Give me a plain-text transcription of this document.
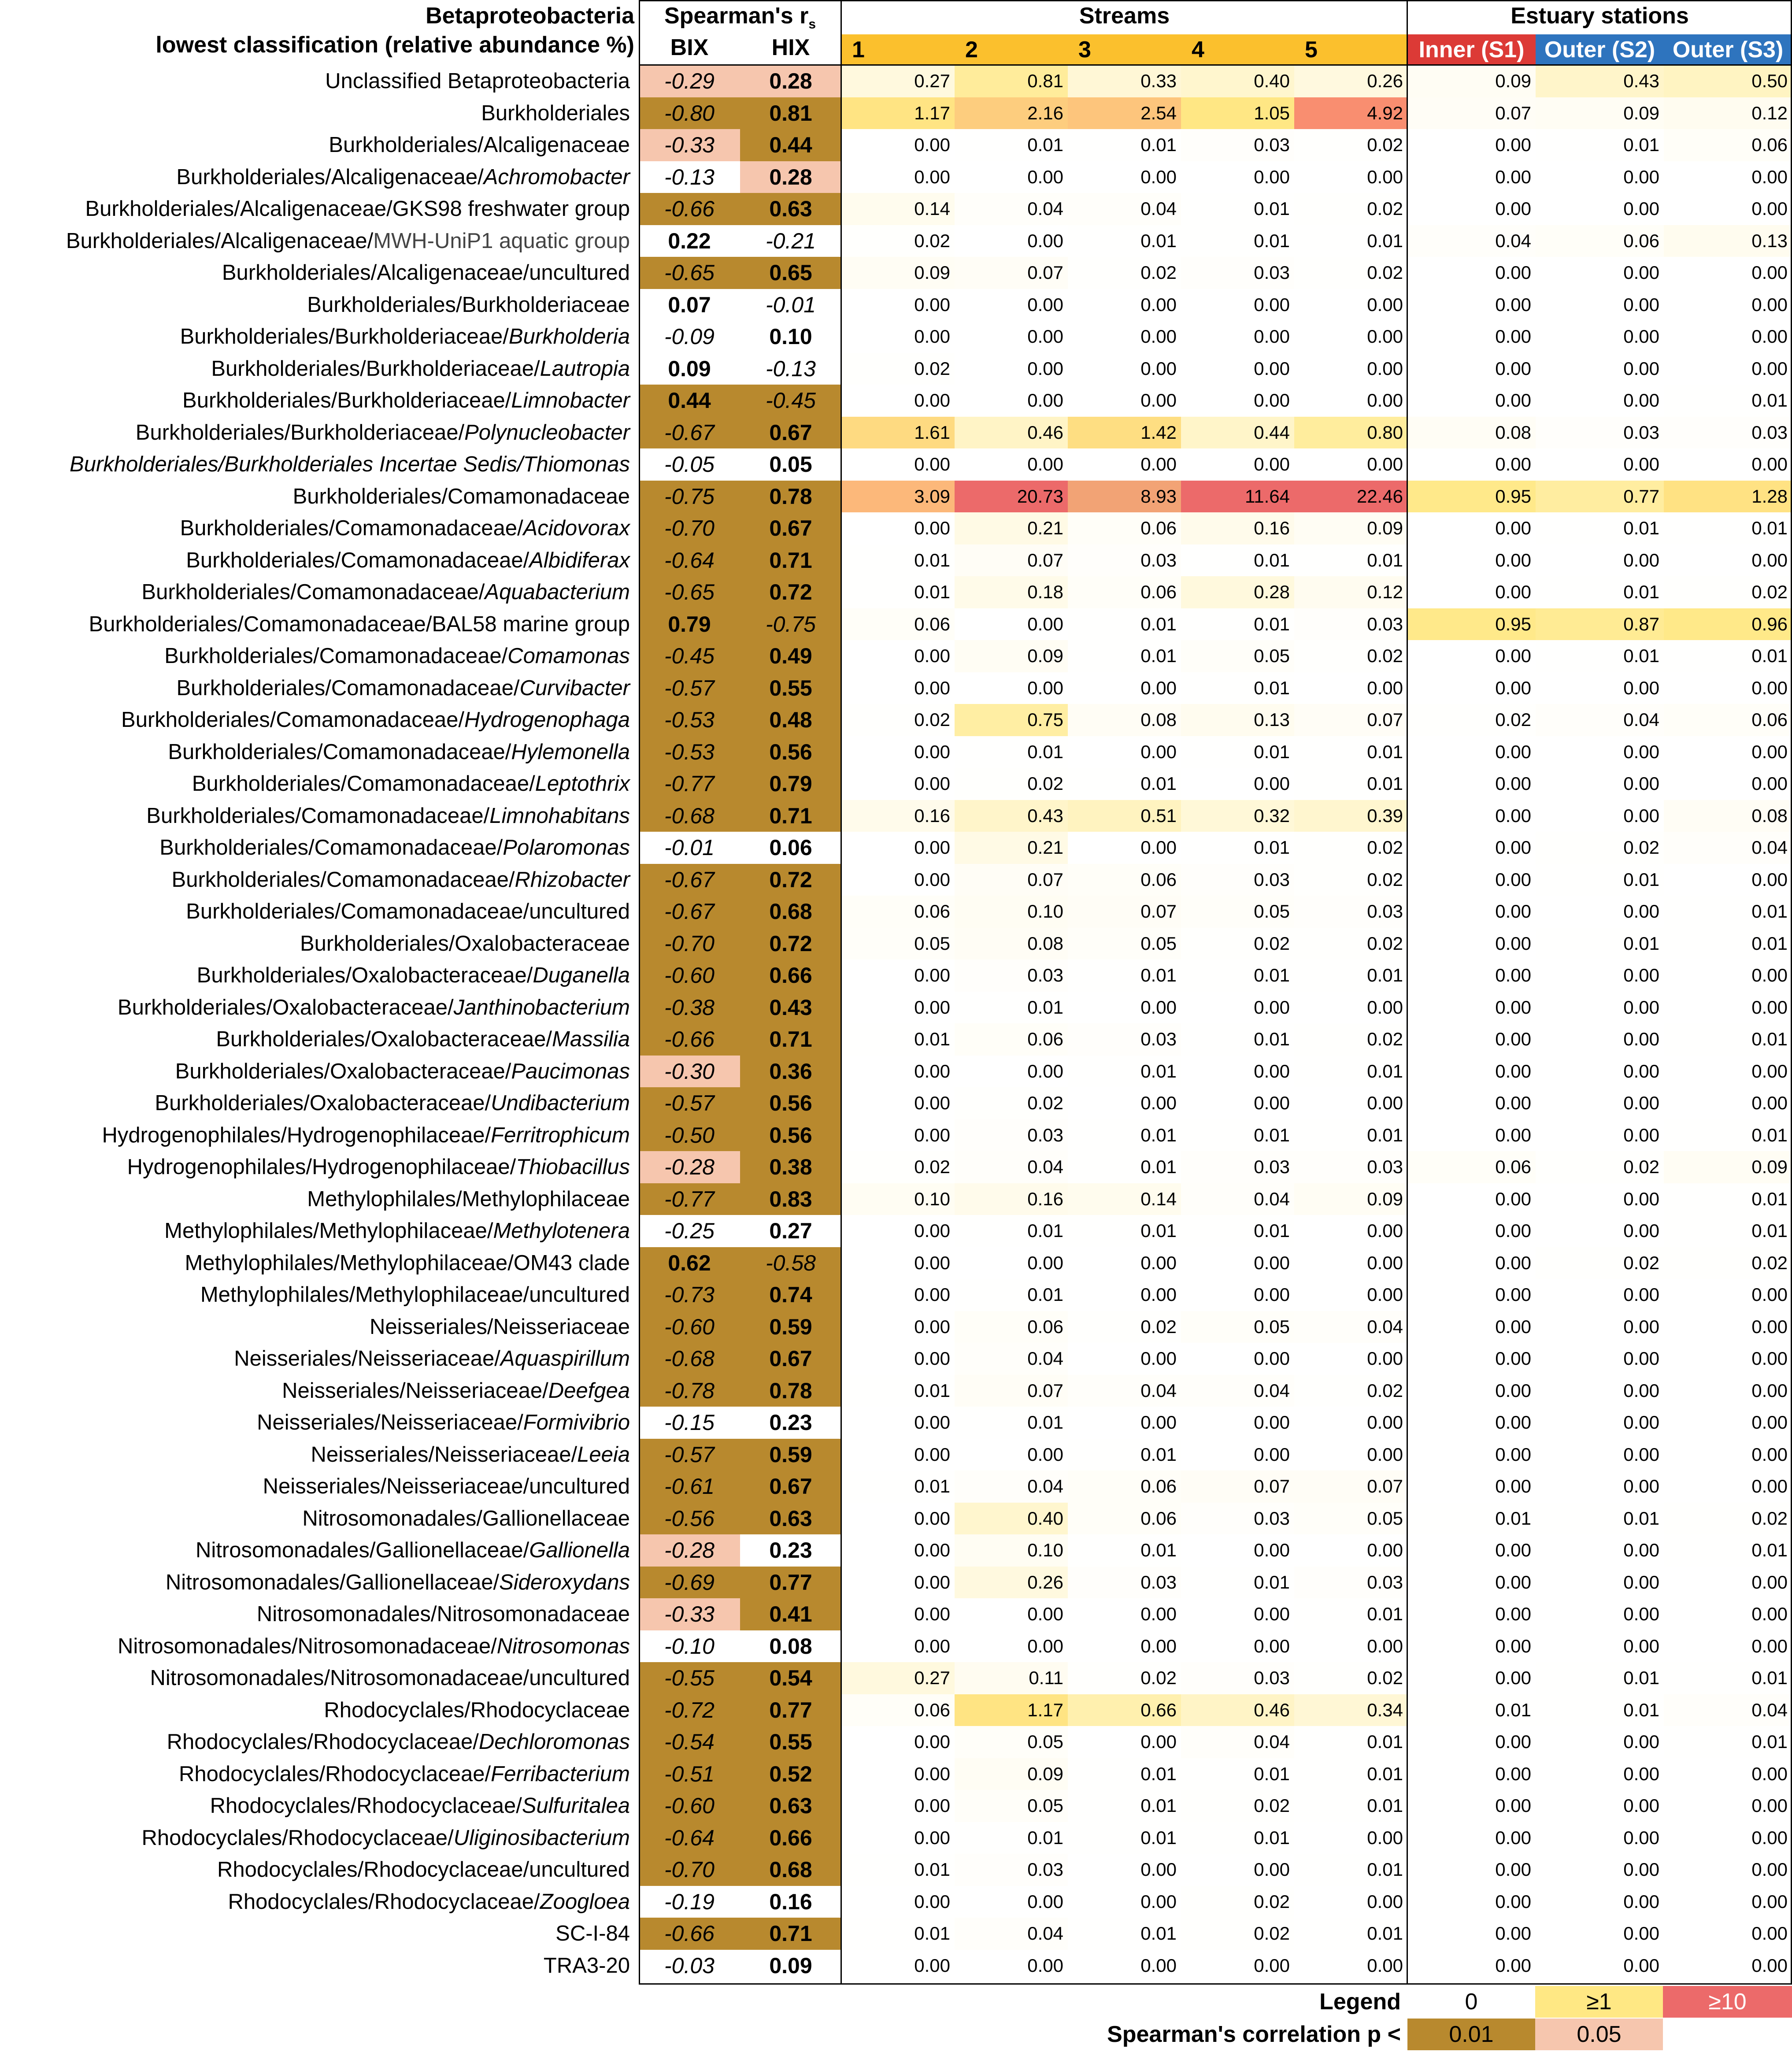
Betaproteobacteria
lowest classification (relative abundance %)
Spearman's $r_s$
BIX	HIX
Streams	Estuary stations
1	2	3	4	5	Inner (S1) Outer (S2) Outer (S3)
Unclassified Betaproteobacteria	-0.29	0.28	0.27	0.81	0.33	0.40	0.26	0.09	0.43	0.50
Burkholderiales	-0.80	0.81	1.17	2.16	2.54	1.05	4.92	0.07	0.09	0.12
Burkholderiales/Alcaligenaceae	-0.33	0.44	0.00	0.01	0.01	0.03	0.02	0.00	0.01	0.06
Burkholderiales/Alcaligenaceae/Achromobacter	-0.13	0.28	0.00	0.00	0.00	0.00	0.00	0.00	0.00	0.00
Burkholderiales/Alcaligenaceae/GKS98 freshwater group	-0.66	0.63	0.14	0.04	0.04	0.01	0.02	0.00	0.00	0.00
Burkholderiales/Alcaligenaceae/MWH-UniP1 aquatic group	0.22	-0.21	0.02	0.00	0.01	0.01	0.01	0.04	0.06	0.13
Burkholderiales/Alcaligenaceae/uncultured	-0.65	0.65	0.09	0.07	0.02	0.03	0.02	0.00	0.00	0.00
Burkholderiales/Burkholderiaceae	0.07	-0.01	0.00	0.00	0.00	0.00	0.00	0.00	0.00	0.00
Burkholderiales/Burkholderiaceae/Burkholderia	-0.09	0.10	0.00	0.00	0.00	0.00	0.00	0.00	0.00	0.00
Burkholderiales/Burkholderiaceae/Lautropia	0.09	-0.13	0.02	0.00	0.00	0.00	0.00	0.00	0.00	0.00
Burkholderiales/Burkholderiaceae/Limnobacter	0.44	-0.45	0.00	0.00	0.00	0.00	0.00	0.00	0.00	0.01
Burkholderiales/Burkholderiaceae/Polynucleobacter	-0.67	0.67	1.61	0.46	1.42	0.44	0.80	0.08	0.03	0.03
Burkholderiales/Burkholderiales Incertae Sedis/Thiomonas	-0.05	0.05	0.00	0.00	0.00	0.00	0.00	0.00	0.00	0.00
Burkholderiales/Comamonadaceae	-0.75	0.78	3.09	20.73	8.93	11.64	22.46	0.95	0.77	1.28
Burkholderiales/Comamonadaceae/Acidovorax	-0.70	0.67	0.00	0.21	0.06	0.16	0.09	0.00	0.01	0.01
Burkholderiales/Comamonadaceae/Albidiferax	-0.64	0.71	0.01	0.07	0.03	0.01	0.01	0.00	0.00	0.00
Burkholderiales/Comamonadaceae/Aquabacterium	-0.65	0.72	0.01	0.18	0.06	0.28	0.12	0.00	0.01	0.02
Burkholderiales/Comamonadaceae/BAL58 marine group	0.79	-0.75	0.06	0.00	0.01	0.01	0.03	0.95	0.87	0.96
Burkholderiales/Comamonadaceae/Comamonas	-0.45	0.49	0.00	0.09	0.01	0.05	0.02	0.00	0.01	0.01
Burkholderiales/Comamonadaceae/Curvibacter	-0.57	0.55	0.00	0.00	0.00	0.01	0.00	0.00	0.00	0.00
Burkholderiales/Comamonadaceae/Hydrogenophaga	-0.53	0.48	0.02	0.75	0.08	0.13	0.07	0.02	0.04	0.06
Burkholderiales/Comamonadaceae/Hylemonella	-0.53	0.56	0.00	0.01	0.00	0.01	0.01	0.00	0.00	0.00
Burkholderiales/Comamonadaceae/Leptothrix	-0.77	0.79	0.00	0.02	0.01	0.00	0.01	0.00	0.00	0.00
Burkholderiales/Comamonadaceae/Limnohabitans	-0.68	0.71	0.16	0.43	0.51	0.32	0.39	0.00	0.00	0.08
Burkholderiales/Comamonadaceae/Polaromonas	-0.01	0.06	0.00	0.21	0.00	0.01	0.02	0.00	0.02	0.04
Burkholderiales/Comamonadaceae/Rhizobacter	-0.67	0.72	0.00	0.07	0.06	0.03	0.02	0.00	0.01	0.00
Burkholderiales/Comamonadaceae/uncultured	-0.67	0.68	0.06	0.10	0.07	0.05	0.03	0.00	0.00	0.01
Burkholderiales/Oxalobacteraceae	-0.70	0.72	0.05	0.08	0.05	0.02	0.02	0.00	0.01	0.01
Burkholderiales/Oxalobacteraceae/Duganella	-0.60	0.66	0.00	0.03	0.01	0.01	0.01	0.00	0.00	0.00
Burkholderiales/Oxalobacteraceae/Janthinobacterium	-0.38	0.43	0.00	0.01	0.00	0.00	0.00	0.00	0.00	0.00
Burkholderiales/Oxalobacteraceae/Massilia	-0.66	0.71	0.01	0.06	0.03	0.01	0.02	0.00	0.00	0.01
Burkholderiales/Oxalobacteraceae/Paucimonas	-0.30	0.36	0.00	0.00	0.01	0.00	0.01	0.00	0.00	0.00
Burkholderiales/Oxalobacteraceae/Undibacterium	-0.57	0.56	0.00	0.02	0.00	0.00	0.00	0.00	0.00	0.00
Hydrogenophilales/Hydrogenophilaceae/Ferritrophicum	-0.50	0.56	0.00	0.03	0.01	0.01	0.01	0.00	0.00	0.01
Hydrogenophilales/Hydrogenophilaceae/Thiobacillus	-0.28	0.38	0.02	0.04	0.01	0.03	0.03	0.06	0.02	0.09
Methylophilales/Methylophilaceae	-0.77	0.83	0.10	0.16	0.14	0.04	0.09	0.00	0.00	0.01
Methylophilales/Methylophilaceae/Methylotenera	-0.25	0.27	0.00	0.01	0.01	0.01	0.00	0.00	0.00	0.01
Methylophilales/Methylophilaceae/OM43 clade	0.62	-0.58	0.00	0.00	0.00	0.00	0.00	0.00	0.02	0.02
Methylophilales/Methylophilaceae/uncultured	-0.73	0.74	0.00	0.01	0.00	0.00	0.00	0.00	0.00	0.00
Neisseriales/Neisseriaceae	-0.60	0.59	0.00	0.06	0.02	0.05	0.04	0.00	0.00	0.00
Neisseriales/Neisseriaceae/Aquaspirillum	-0.68	0.67	0.00	0.04	0.00	0.00	0.00	0.00	0.00	0.00
Neisseriales/Neisseriaceae/Deefgea	-0.78	0.78	0.01	0.07	0.04	0.04	0.02	0.00	0.00	0.00
Neisseriales/Neisseriaceae/Formivibrio	-0.15	0.23	0.00	0.01	0.00	0.00	0.00	0.00	0.00	0.00
Neisseriales/Neisseriaceae/Leeia	-0.57	0.59	0.00	0.00	0.01	0.00	0.00	0.00	0.00	0.00
Neisseriales/Neisseriaceae/uncultured	-0.61	0.67	0.01	0.04	0.06	0.07	0.07	0.00	0.00	0.00
Nitrosomonadales/Gallionellaceae	-0.56	0.63	0.00	0.40	0.06	0.03	0.05	0.01	0.01	0.02
Nitrosomonadales/Gallionellaceae/Gallionella	-0.28	0.23	0.00	0.10	0.01	0.00	0.00	0.00	0.00	0.01
Nitrosomonadales/Gallionellaceae/Sideroxydans	-0.69	0.77	0.00	0.26	0.03	0.01	0.03	0.00	0.00	0.00
Nitrosomonadales/Nitrosomonadaceae	-0.33	0.41	0.00	0.00	0.00	0.00	0.01	0.00	0.00	0.00
Nitrosomonadales/Nitrosomonadaceae/Nitrosomonas	-0.10	0.08	0.00	0.00	0.00	0.00	0.00	0.00	0.00	0.00
Nitrosomonadales/Nitrosomonadaceae/uncultured	-0.55	0.54	0.27	0.11	0.02	0.03	0.02	0.00	0.01	0.01
Rhodocyclales/Rhodocyclaceae	-0.72	0.77	0.06	1.17	0.66	0.46	0.34	0.01	0.01	0.04
Rhodocyclales/Rhodocyclaceae/Dechloromonas	-0.54	0.55	0.00	0.05	0.00	0.04	0.01	0.00	0.00	0.01
Rhodocyclales/Rhodocyclaceae/Ferribacterium	-0.51	0.52	0.00	0.09	0.01	0.01	0.01	0.00	0.00	0.00
Rhodocyclales/Rhodocyclaceae/Sulfuritalea	-0.60	0.63	0.00	0.05	0.01	0.02	0.01	0.00	0.00	0.00
Rhodocyclales/Rhodocyclaceae/Uliginosibacterium	-0.64	0.66	0.00	0.01	0.01	0.01	0.00	0.00	0.00	0.00
Rhodocyclales/Rhodocyclaceae/uncultured	-0.70	0.68	0.01	0.03	0.00	0.00	0.01	0.00	0.00	0.00
Rhodocyclales/Rhodocyclaceae/Zoogloea	-0.19	0.16	0.00	0.00	0.00	0.02	0.00	0.00	0.00	0.00
SC-I-84	-0.66	0.71	0.01	0.04	0.01	0.02	0.01	0.00	0.00	0.00
TRA3-20	-0.03	0.09	0.00	0.00	0.00	0.00	0.00	0.00	0.00	0.00
Legend	0	≥1	≥10
Spearman's correlation p <	0.01	0.05
